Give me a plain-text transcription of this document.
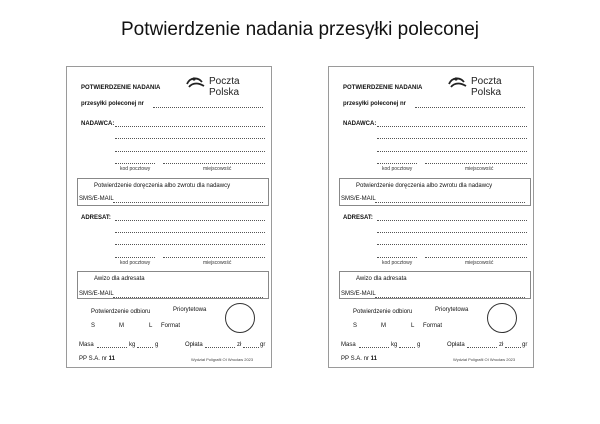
Potwierdzenie nadania przesyłki poleconej
POTWIERDZENIE NADANIA
Poczta Polska
przesyłki poleconej nr
NADAWCA:
kod pocztowy	miejscowość
Potwierdzenie doręczenia albo zwrotu dla nadawcy
SMS/E-MAIL
ADRESAT:
kod pocztowy	miejscowość
Awizo dla adresata
SMS/E-MAIL
Potwierdzenie odbioru	Priorytetowa
S	M	L Format
Masa	kg	g	Opłata	zł	gr
PP S.A. nr 11	Wydział Poligrafii OI Wrocław 2023
POTWIERDZENIE NADANIA
Poczta Polska
przesyłki poleconej nr
NADAWCA:
kod pocztowy	miejscowość
Potwierdzenie doręczenia albo zwrotu dla nadawcy
SMS/E-MAIL
ADRESAT:
kod pocztowy	miejscowość
Awizo dla adresata
SMS/E-MAIL
Potwierdzenie odbioru	Priorytetowa
S	M	L Format
Masa	kg	g	Opłata	zł	gr
PP S.A. nr 11	Wydział Poligrafii OI Wrocław 2023
